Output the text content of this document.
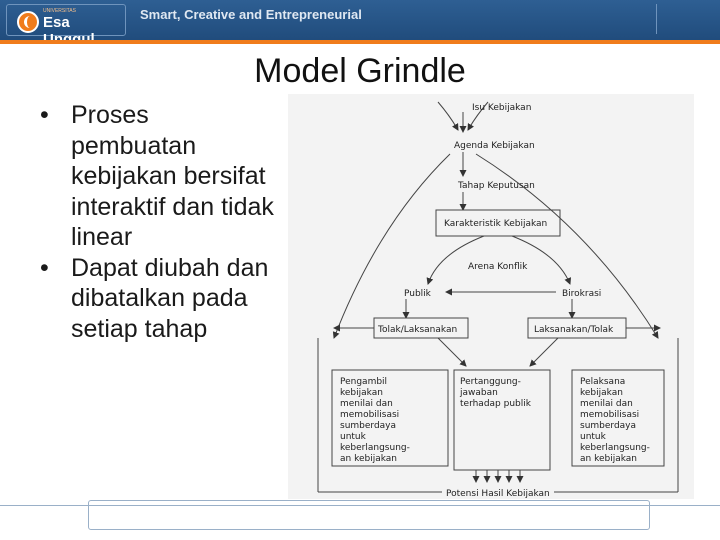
UNIVERSITAS
Esa	Smart, Creative and Entrepreneurial
Model Grindle
• Proses pembuatan kebijakan bersifat interaktif dan tidak linear
• Dapat diubah dan dibatalkan pada setiap tahap
Isu Kebijakan
Agenda Kebijakan
Tahap Keputusan
Karakteristik Kebijakan
Arena Konflik
Publik	Birokrasi
Tolak/Laksanakan	Laksanakan/Tolak
Pengambil
kebijakan
menilai dan
memobilisasi
sumberdaya
untuk
keberlangsung-
an kebijakan
Pertanggung-
jawaban
terhadap publik
Pelaksana
kebijakan
menilai dan
memobilisasi
sumberdaya
untuk
keberlangsung-
an kebijakan
Potensi Hasil Kebijakan
